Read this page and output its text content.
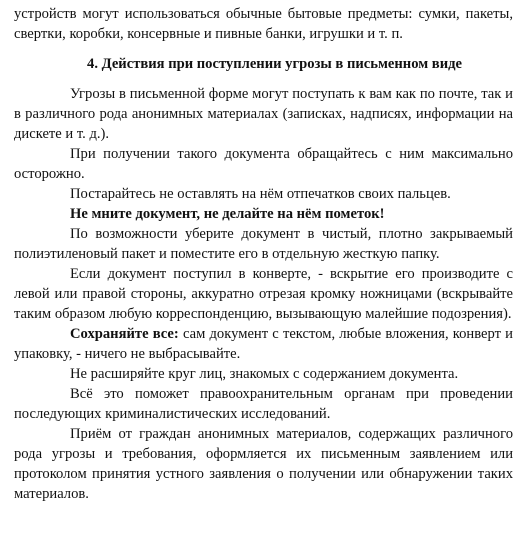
устройств могут использоваться обычные бытовые предметы: сумки, пакеты, свертки, коробки, консервные и пивные банки, игрушки и т. п.

4. Действия при поступлении угрозы в письменном виде

Угрозы в письменной форме могут поступать к вам как по почте, так и в различного рода анонимных материалах (записках, надписях, информации на дискете и т. д.).

При получении такого документа обращайтесь с ним максимально осторожно.

Постарайтесь не оставлять на нём отпечатков своих пальцев.

Не мните документ, не делайте на нём пометок!

По возможности уберите документ в чистый, плотно закрываемый полиэтиленовый пакет и поместите его в отдельную жесткую папку.

Если документ поступил в конверте, - вскрытие его производите с левой или правой стороны, аккуратно отрезая кромку ножницами (вскрывайте таким образом любую корреспонденцию, вызывающую малейшие подозрения).

Сохраняйте все: сам документ с текстом, любые вложения, конверт и упаковку, - ничего не выбрасывайте.

Не расширяйте круг лиц, знакомых с содержанием документа.

Всё это поможет правоохранительным органам при проведении последующих криминалистических исследований.

Приём от граждан анонимных материалов, содержащих различного рода угрозы и требования, оформляется их письменным заявлением или протоколом принятия устного заявления о получении или обнаружении таких материалов.
